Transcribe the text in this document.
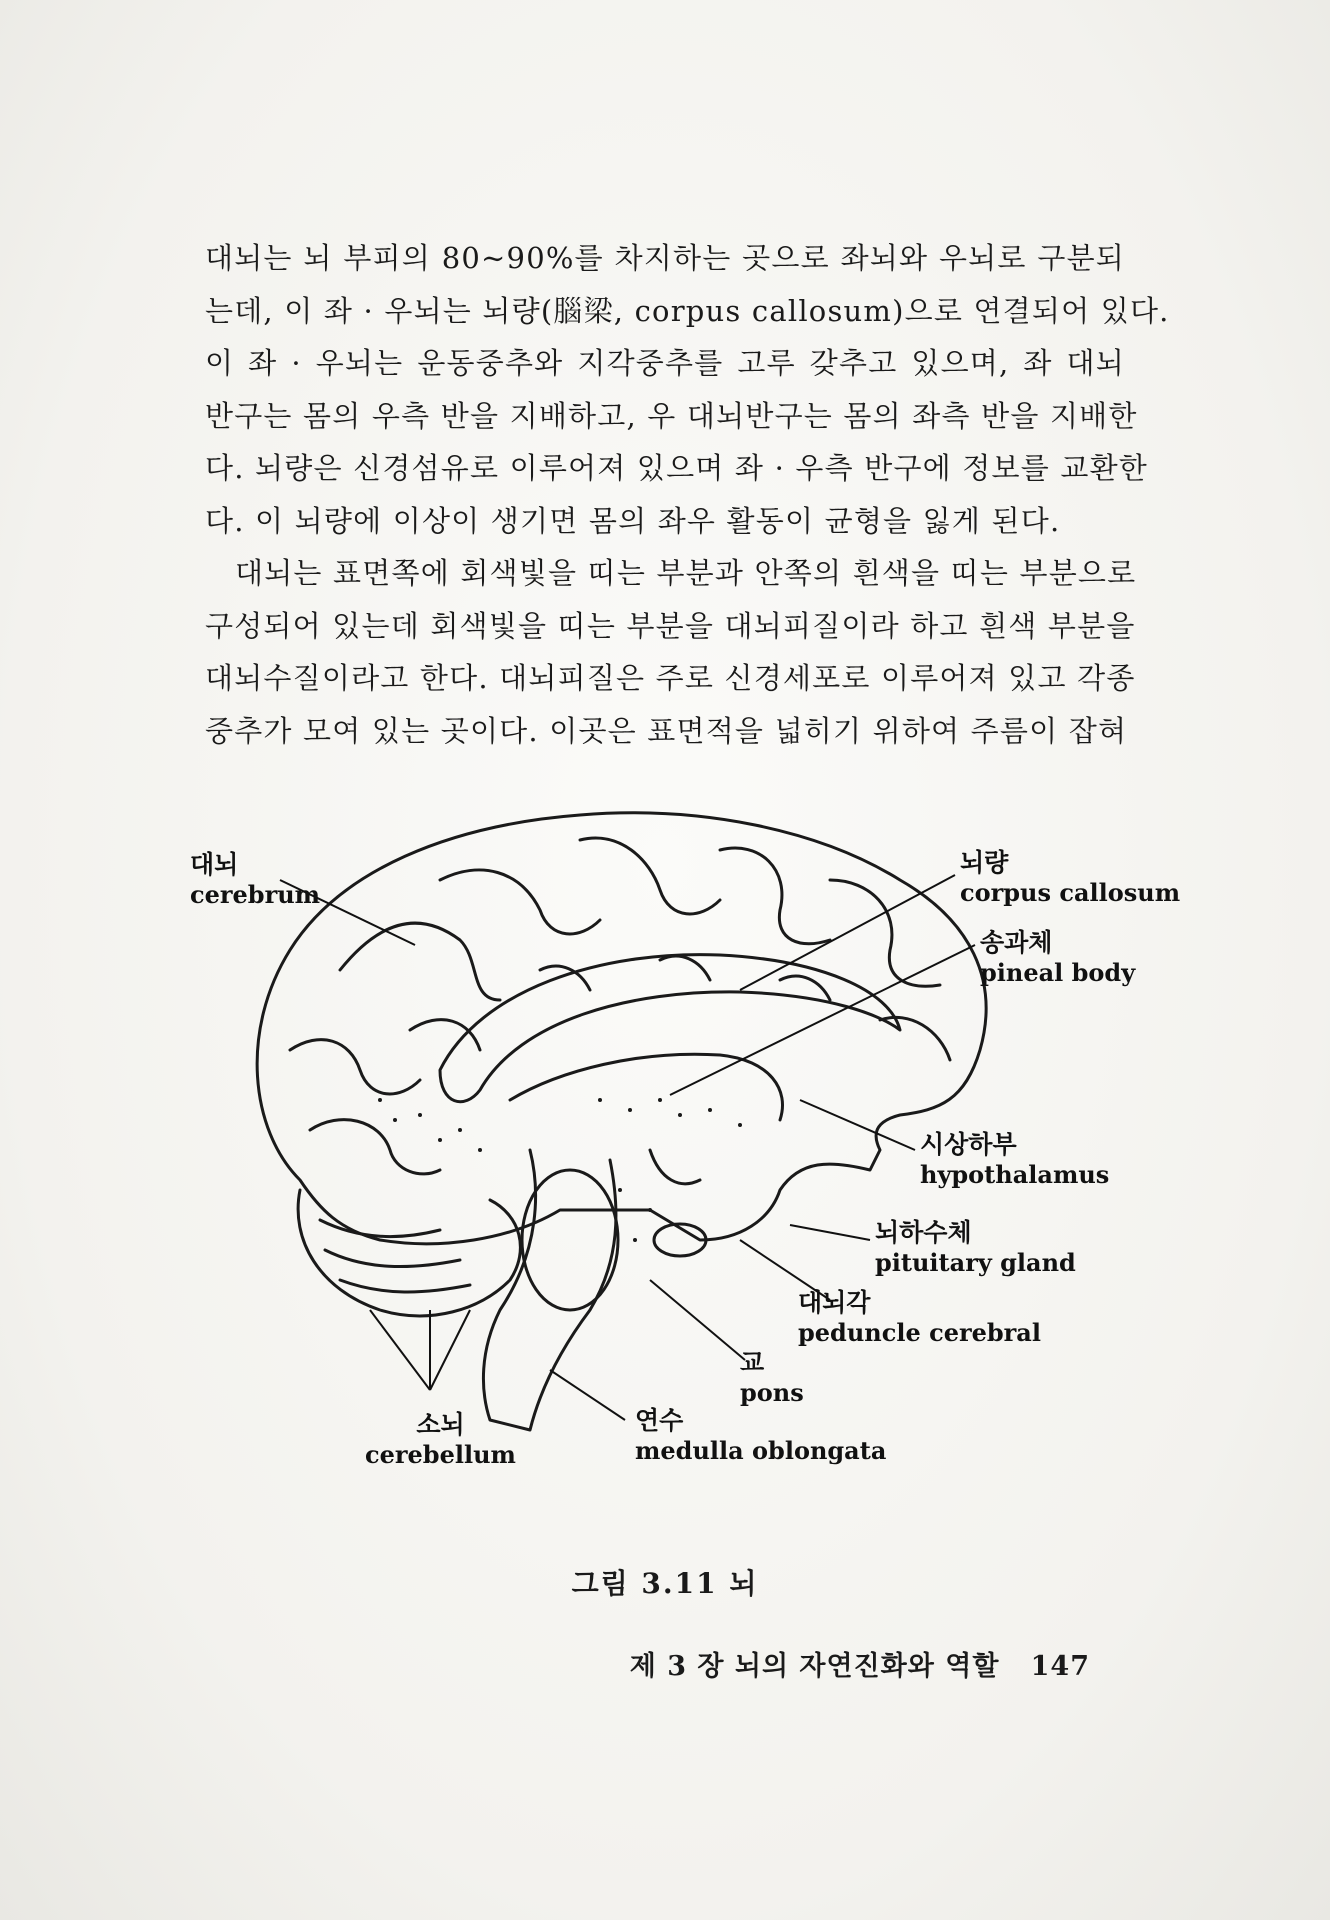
대뇌는 뇌 부피의 80∼90%를 차지하는 곳으로 좌뇌와 우뇌로 구분되
는데, 이 좌 · 우뇌는 뇌량(腦梁, corpus callosum)으로 연결되어 있다.
이 좌 · 우뇌는 운동중추와 지각중추를 고루 갖추고 있으며, 좌 대뇌
반구는 몸의 우측 반을 지배하고, 우 대뇌반구는 몸의 좌측 반을 지배한
다. 뇌량은 신경섬유로 이루어져 있으며 좌 · 우측 반구에 정보를 교환한
다. 이 뇌량에 이상이 생기면 몸의 좌우 활동이 균형을 잃게 된다.
대뇌는 표면쪽에 회색빛을 띠는 부분과 안쪽의 흰색을 띠는 부분으로
구성되어 있는데 회색빛을 띠는 부분을 대뇌피질이라 하고 흰색 부분을
대뇌수질이라고 한다. 대뇌피질은 주로 신경세포로 이루어져 있고 각종
중추가 모여 있는 곳이다. 이곳은 표면적을 넓히기 위하여 주름이 잡혀
대뇌
cerebrum
뇌량
corpus callosum
송과체
pineal body
시상하부
hypothalamus
뇌하수체
pituitary gland
대뇌각
peduncle cerebral
교
pons
연수
medulla oblongata
소뇌
cerebellum
그림 3.11 뇌
제 3 장 뇌의 자연진화와 역할 147
